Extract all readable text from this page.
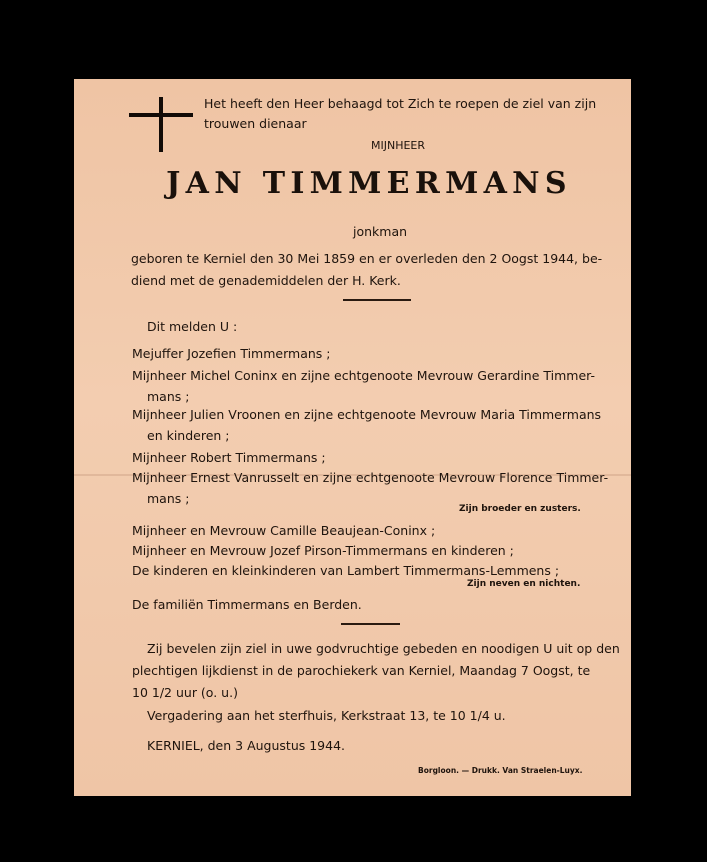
Het heeft den Heer behaagd tot Zich te roepen de ziel van zijn
trouwen dienaar
MIJNHEER
JAN TIMMERMANS
jonkman
geboren te Kerniel den 30 Mei 1859 en er overleden den 2 Oogst 1944, be-
diend met de genademiddelen der H. Kerk.
Dit melden U :
Mejuffer Jozefien Timmermans ;
Mijnheer Michel Coninx en zijne echtgenoote Mevrouw Gerardine Timmer-
mans ;
Mijnheer Julien Vroonen en zijne echtgenoote Mevrouw Maria Timmermans
en kinderen ;
Mijnheer Robert Timmermans ;
Mijnheer Ernest Vanrusselt en zijne echtgenoote Mevrouw Florence Timmer-
mans ;
Zijn broeder en zusters.
Mijnheer en Mevrouw Camille Beaujean-Coninx ;
Mijnheer en Mevrouw Jozef Pirson-Timmermans en kinderen ;
De kinderen en kleinkinderen van Lambert Timmermans-Lemmens ;
Zijn neven en nichten.
De familiën Timmermans en Berden.
Zij bevelen zijn ziel in uwe godvruchtige gebeden en noodigen U uit op den
plechtigen lijkdienst in de parochiekerk van Kerniel, Maandag 7 Oogst, te
10 1/2 uur (o. u.)
Vergadering aan het sterfhuis, Kerkstraat 13, te 10 1/4 u.
KERNIEL, den 3 Augustus 1944.
Borgloon. — Drukk. Van Straelen-Luyx.
